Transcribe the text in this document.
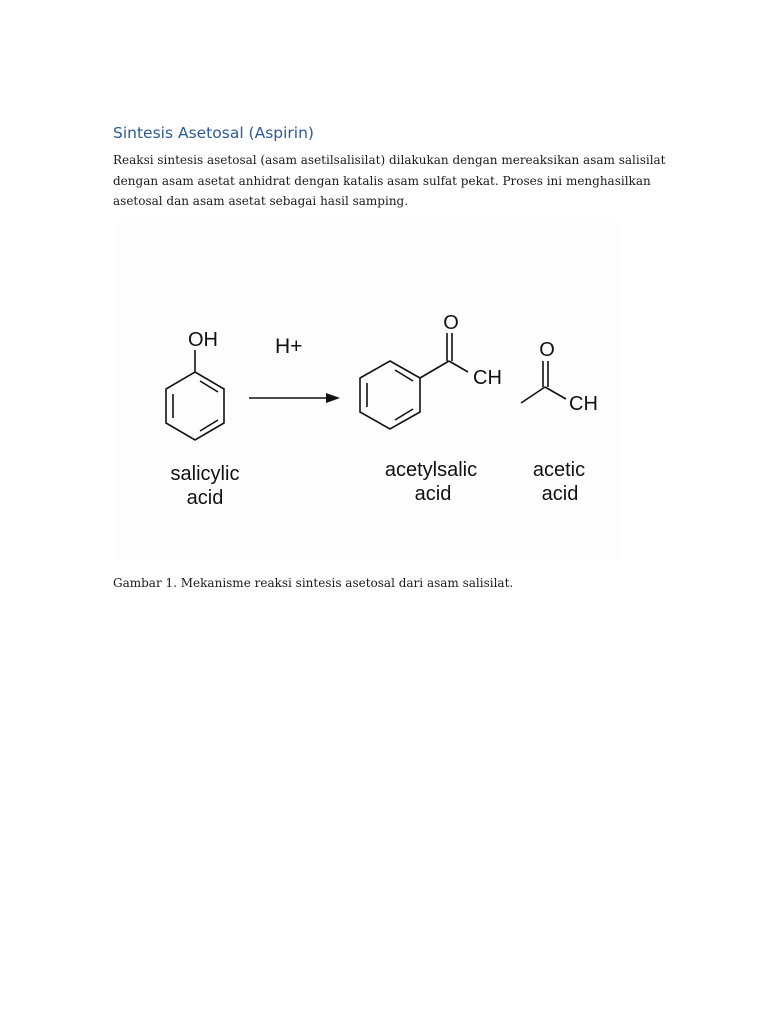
Sintesis Asetosal (Aspirin)

Reaksi sintesis asetosal (asam asetilsalisilat) dilakukan dengan mereaksikan asam salisilat dengan asam asetat anhidrat dengan katalis asam sulfat pekat. Proses ini menghasilkan asetosal dan asam asetat sebagai hasil samping.

OH	H+
O
CH
O
CH
salicylic
acid
acetylsalic
acid
acetic
acid

Gambar 1. Mekanisme reaksi sintesis asetosal dari asam salisilat.
